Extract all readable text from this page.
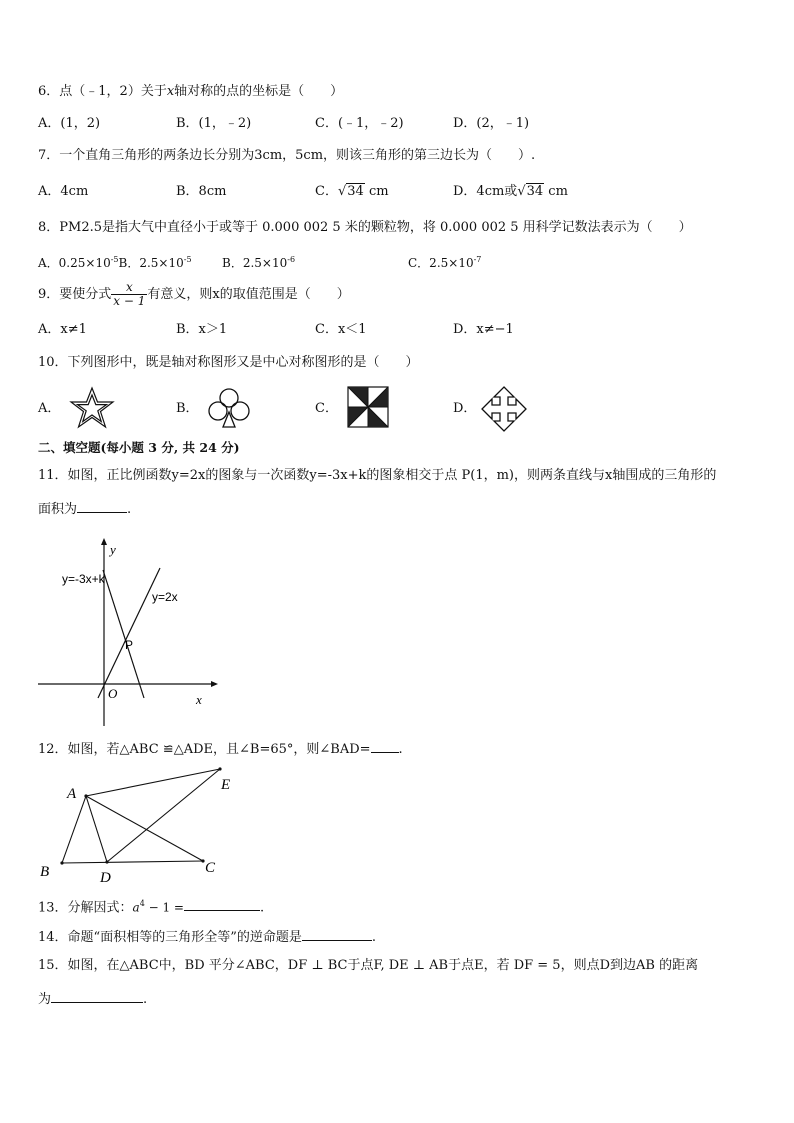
6．点（﹣1，2）关于x轴对称的点的坐标是（　　）
A．(1，2)	B．(1，﹣2)	C．(﹣1，﹣2)	D．(2，﹣1)
7．一个直角三角形的两条边长分别为3cm，5cm，则该三角形的第三边长为（　　）.
A．4cm	B．8cm	C．√34 cm	D．4cm或√34 cm
8．PM2.5是指大气中直径小于或等于 0.000 002 5 米的颗粒物，将 0.000 002 5 用科学记数法表示为（　　）
A．$0.25\times 10^{-5}B$．$2.5\times 10^{-5}$	B．$2.5\times 10^{-6}$	C．$2.5\times 10^{-7}$
9．要使分式 $\frac{x}{x - 1}$ 有意义，则x的取值范围是（　　）
A．x≠1	B．x＞1	C．x＜1	D．x≠−1
10．下列图形中，既是轴对称图形又是中心对称图形的是（　　）
A．	B．	C．	D．
二、填空题(每小题 3 分, 共 24 分)
11．如图，正比例函数y=2x的图象与一次函数y=-3x+k的图象相交于点 P(1，m)，则两条直线与x轴围成的三角形的
面积为	.
y
x
O
y=-3x+k
y=2x
P
12．如图，若△ABC ≌△ADE，且∠B=65°，则∠BAD= .
A
E
B	D
C
13．分解因式：$a^4 - 1$ =	.
14．命题“面积相等的三角形全等”的逆命题是	.
15．如图，在△ABC中，BD 平分∠ABC，DF ⊥ BC于点F, DE ⊥ AB于点E，若 DF = 5，则点D到边AB 的距离
为	.
